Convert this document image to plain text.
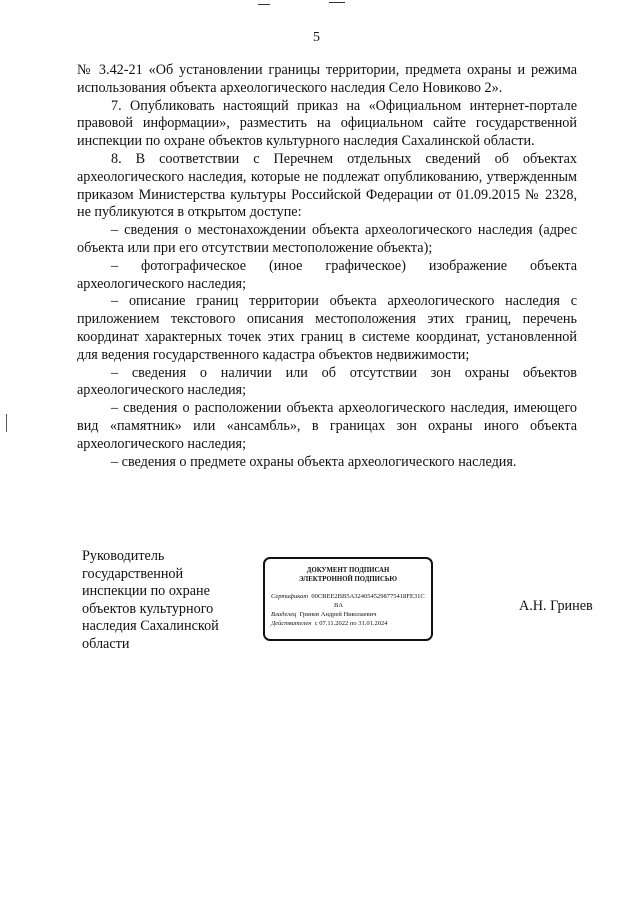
5

№ 3.42-21 «Об установлении границы территории, предмета охраны и режима использования объекта археологического наследия Село Новиково 2».

7. Опубликовать настоящий приказ на «Официальном интернет-портале правовой информации», разместить на официальном сайте государственной инспекции по охране объектов культурного наследия Сахалинской области.

8. В соответствии с Перечнем отдельных сведений об объектах археологического наследия, которые не подлежат опубликованию, утвержденным приказом Министерства культуры Российской Федерации от 01.09.2015 № 2328, не публикуются в открытом доступе:

– сведения о местонахождении объекта археологического наследия (адрес объекта или при его отсутствии местоположение объекта);

– фотографическое (иное графическое) изображение объекта археологического наследия;

– описание границ территории объекта археологического наследия с приложением текстового описания местоположения этих границ, перечень координат характерных точек этих границ в системе координат, установленной для ведения государственного кадастра объектов недвижимости;

– сведения о наличии или об отсутствии зон охраны объектов археологического наследия;

– сведения о расположении объекта археологического наследия, имеющего вид «памятник» или «ансамбль», в границах зон охраны иного объекта археологического наследия;

– сведения о предмете охраны объекта археологического наследия.

Руководитель
государственной
инспекции по охране
объектов культурного
наследия Сахалинской
области
ДОКУМЕНТ ПОДПИСАН
ЭЛЕКТРОННОЙ ПОДПИСЬЮ
Сертификат 00CBEE2BB5A3240545298775418FE31C
BA
Владелец Гринев Андрей Николаевич
Действителен с 07.11.2022 по 31.01.2024
А.Н. Гринев
